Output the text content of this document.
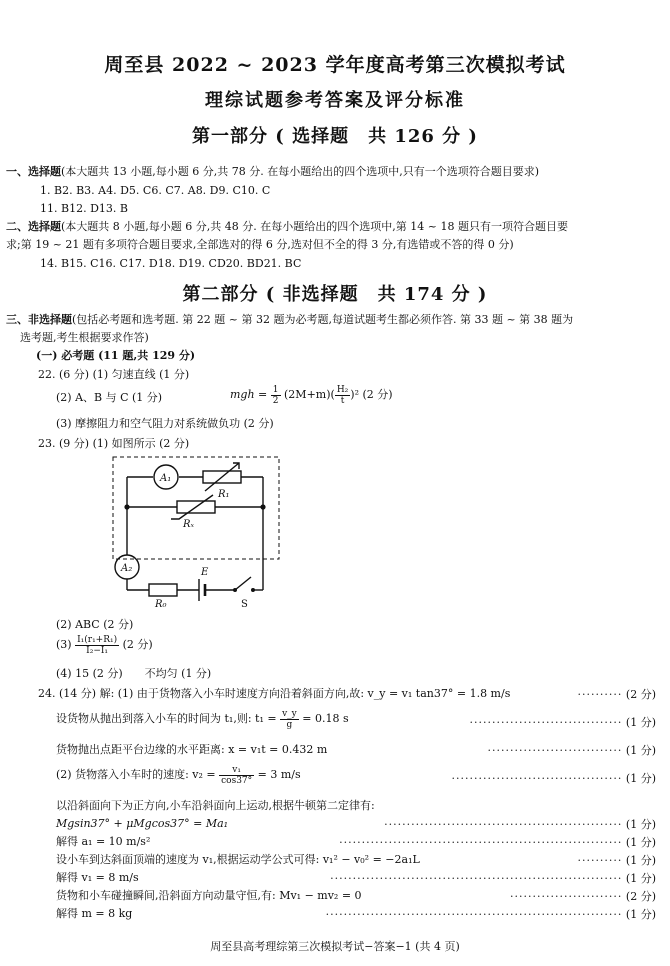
周至县 2022 ~ 2023 学年度高考第三次模拟考试
理综试题参考答案及评分标准
第一部分 ( 选择题　共 126 分 )
一、选择题(本大题共 13 小题,每小题 6 分,共 78 分. 在每小题给出的四个选项中,只有一个选项符合题目要求)
1. B2. B3. A4. D5. C6. C7. A8. D9. C10. C
11. B12. D13. B
二、选择题(本大题共 8 小题,每小题 6 分,共 48 分. 在每小题给出的四个选项中,第 14 ~ 18 题只有一项符合题目要
求;第 19 ~ 21 题有多项符合题目要求,全部选对的得 6 分,选对但不全的得 3 分,有选错或不答的得 0 分)
14. B15. C16. C17. D18. D19. CD20. BD21. BC
第二部分 ( 非选择题　共 174 分 )
三、非选择题(包括必考题和选考题. 第 22 题 ~ 第 32 题为必考题,每道试题考生都必须作答. 第 33 题 ~ 第 38 题为
选考题,考生根据要求作答)
(一) 必考题 (11 题,共 129 分)
22. (6 分) (1) 匀速直线 (1 分)
(2) A、B 与 C (1 分)	mgh = $\frac{1}{2} (2M+m)( \frac{\text{H₂}}{t} )^2$ (2 分)
(3) 摩擦阻力和空气阻力对系统做负功 (2 分)
23. (9 分) (1) 如图所示 (2 分)
A₁
A₂
R₁
Rₓ
R₀
E
S
(2) ABC (2 分)
$(3) \frac{\text{I₁(r₁+R₁)}}{\text{I₂−I₁}} (2$ 分)
(4) 15 (2 分)　　不均匀 (1 分)
24. (14 分) 解: (1) 由于货物落入小车时速度方向沿着斜面方向,故: v_y = v₁ tan37° = 1.8 m/s	·········· (2 分)
设货物从抛出到落入小车的时间为 t₁,则: $t_1 = \frac{v\_y}{g} = 0.18$ s	·································· (1 分)
货物抛出点距平台边缘的水平距离: x = v₁t = 0.432 m	······························ (1 分)
(2) 货物落入小车时的速度: $v_2 = \frac{\text{v₁}}{\cos 37^\circ} = 3$ m/s	······································ (1 分)
以沿斜面向下为正方向,小车沿斜面向上运动,根据牛顿第二定律有:
Mgsin37° + μMgcos37° = Ma₁	····················································· (1 分)
解得 a₁ = 10 m/s²	······························································· (1 分)
设小车到达斜面顶端的速度为 v₁,根据运动学公式可得: v₁² − v₀² = −2a₁L	·········· (1 分)
解得 v₁ = 8 m/s	································································· (1 分)
货物和小车碰撞瞬间,沿斜面方向动量守恒,有: Mv₁ − mv₂ = 0	························· (2 分)
解得 m = 8 kg	·································································· (1 分)
周至县高考理综第三次模拟考试−答案−1 (共 4 页)
